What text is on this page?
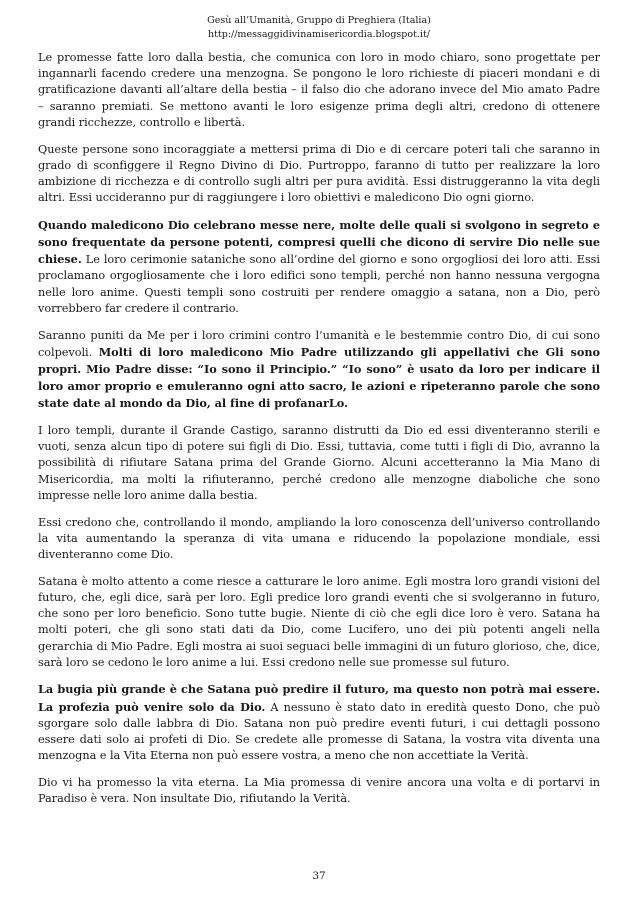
Gesù all’Umanità, Gruppo di Preghiera (Italia)
http://messaggidivinamisericordia.blogspot.it/

Le promesse fatte loro dalla bestia, che comunica con loro in modo chiaro, sono progettate per ingannarli facendo credere una menzogna. Se pongono le loro richieste di piaceri mondani e di gratificazione davanti all’altare della bestia – il falso dio che adorano invece del Mio amato Padre – saranno premiati. Se mettono avanti le loro esigenze prima degli altri, credono di ottenere grandi ricchezze, controllo e libertà.

Queste persone sono incoraggiate a mettersi prima di Dio e di cercare poteri tali che saranno in grado di sconfiggere il Regno Divino di Dio. Purtroppo, faranno di tutto per realizzare la loro ambizione di ricchezza e di controllo sugli altri per pura avidità. Essi distruggeranno la vita degli altri. Essi uccideranno pur di raggiungere i loro obiettivi e maledicono Dio ogni giorno.

Quando maledicono Dio celebrano messe nere, molte delle quali si svolgono in segreto e sono frequentate da persone potenti, compresi quelli che dicono di servire Dio nelle sue chiese. Le loro cerimonie sataniche sono all’ordine del giorno e sono orgogliosi dei loro atti. Essi proclamano orgogliosamente che i loro edifici sono templi, perché non hanno nessuna vergogna nelle loro anime. Questi templi sono costruiti per rendere omaggio a satana, non a Dio, però vorrebbero far credere il contrario.

Saranno puniti da Me per i loro crimini contro l’umanità e le bestemmie contro Dio, di cui sono colpevoli. Molti di loro maledicono Mio Padre utilizzando gli appellativi che Gli sono propri. Mio Padre disse: “Io sono il Principio.” “Io sono” è usato da loro per indicare il loro amor proprio e emuleranno ogni atto sacro, le azioni e ripeteranno parole che sono state date al mondo da Dio, al fine di profanarLo.

I loro templi, durante il Grande Castigo, saranno distrutti da Dio ed essi diventeranno sterili e vuoti, senza alcun tipo di potere sui figli di Dio. Essi, tuttavia, come tutti i figli di Dio, avranno la possibilità di rifiutare Satana prima del Grande Giorno. Alcuni accetteranno la Mia Mano di Misericordia, ma molti la rifiuteranno, perché credono alle menzogne diaboliche che sono impresse nelle loro anime dalla bestia.

Essi credono che, controllando il mondo, ampliando la loro conoscenza dell’universo controllando la vita aumentando la speranza di vita umana e riducendo la popolazione mondiale, essi diventeranno come Dio.

Satana è molto attento a come riesce a catturare le loro anime. Egli mostra loro grandi visioni del futuro, che, egli dice, sarà per loro. Egli predice loro grandi eventi che si svolgeranno in futuro, che sono per loro beneficio. Sono tutte bugie. Niente di ciò che egli dice loro è vero. Satana ha molti poteri, che gli sono stati dati da Dio, come Lucifero, uno dei più potenti angeli nella gerarchia di Mio Padre. Egli mostra ai suoi seguaci belle immagini di un futuro glorioso, che, dice, sarà loro se cedono le loro anime a lui. Essi credono nelle sue promesse sul futuro.

La bugia più grande è che Satana può predire il futuro, ma questo non potrà mai essere. La profezia può venire solo da Dio. A nessuno è stato dato in eredità questo Dono, che può sgorgare solo dalle labbra di Dio. Satana non può predire eventi futuri, i cui dettagli possono essere dati solo ai profeti di Dio. Se credete alle promesse di Satana, la vostra vita diventa una menzogna e la Vita Eterna non può essere vostra, a meno che non accettiate la Verità.

Dio vi ha promesso la vita eterna. La Mia promessa di venire ancora una volta e di portarvi in Paradiso è vera. Non insultate Dio, rifiutando la Verità.

37
